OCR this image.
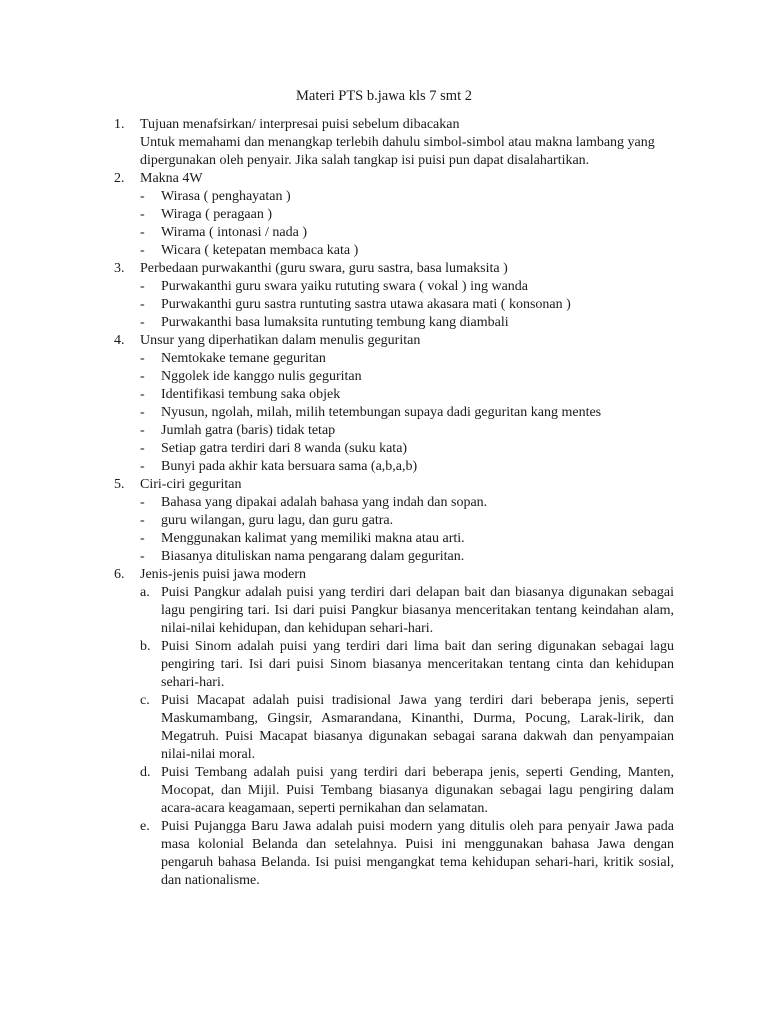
Materi PTS b.jawa kls 7 smt 2
1. Tujuan menafsirkan/ interpresai puisi sebelum dibacakan
Untuk memahami dan menangkap terlebih dahulu simbol-simbol atau makna lambang yang dipergunakan oleh penyair. Jika salah tangkap isi puisi pun dapat disalahartikan.
2. Makna 4W
- Wirasa ( penghayatan )
- Wiraga ( peragaan )
- Wirama ( intonasi / nada )
- Wicara ( ketepatan membaca kata )
3. Perbedaan purwakanthi (guru swara, guru sastra, basa lumaksita )
- Purwakanthi guru swara yaiku rututing swara ( vokal ) ing wanda
- Purwakanthi guru sastra runtuting sastra utawa akasara mati ( konsonan )
- Purwakanthi basa lumaksita runtuting tembung kang diambali
4. Unsur yang diperhatikan dalam menulis geguritan
- Nemtokake temane geguritan
- Nggolek ide kanggo nulis geguritan
- Identifikasi tembung saka objek
- Nyusun, ngolah, milah, milih tetembungan supaya dadi geguritan kang mentes
- Jumlah gatra (baris) tidak tetap
- Setiap gatra terdiri dari 8 wanda (suku kata)
- Bunyi pada akhir kata bersuara sama (a,b,a,b)
5. Ciri-ciri geguritan
- Bahasa yang dipakai adalah bahasa yang indah dan sopan.
- guru wilangan, guru lagu, dan guru gatra.
- Menggunakan kalimat yang memiliki makna atau arti.
- Biasanya dituliskan nama pengarang dalam geguritan.
6. Jenis-jenis puisi jawa modern
a. Puisi Pangkur adalah puisi yang terdiri dari delapan bait dan biasanya digunakan sebagai lagu pengiring tari. Isi dari puisi Pangkur biasanya menceritakan tentang keindahan alam, nilai-nilai kehidupan, dan kehidupan sehari-hari.
b. Puisi Sinom adalah puisi yang terdiri dari lima bait dan sering digunakan sebagai lagu pengiring tari. Isi dari puisi Sinom biasanya menceritakan tentang cinta dan kehidupan sehari-hari.
c. Puisi Macapat adalah puisi tradisional Jawa yang terdiri dari beberapa jenis, seperti Maskumambang, Gingsir, Asmarandana, Kinanthi, Durma, Pocung, Larak-lirik, dan Megatruh. Puisi Macapat biasanya digunakan sebagai sarana dakwah dan penyampaian nilai-nilai moral.
d. Puisi Tembang adalah puisi yang terdiri dari beberapa jenis, seperti Gending, Manten, Mocopat, dan Mijil. Puisi Tembang biasanya digunakan sebagai lagu pengiring dalam acara-acara keagamaan, seperti pernikahan dan selamatan.
e. Puisi Pujangga Baru Jawa adalah puisi modern yang ditulis oleh para penyair Jawa pada masa kolonial Belanda dan setelahnya. Puisi ini menggunakan bahasa Jawa dengan pengaruh bahasa Belanda. Isi puisi mengangkat tema kehidupan sehari-hari, kritik sosial, dan nationalisme.
